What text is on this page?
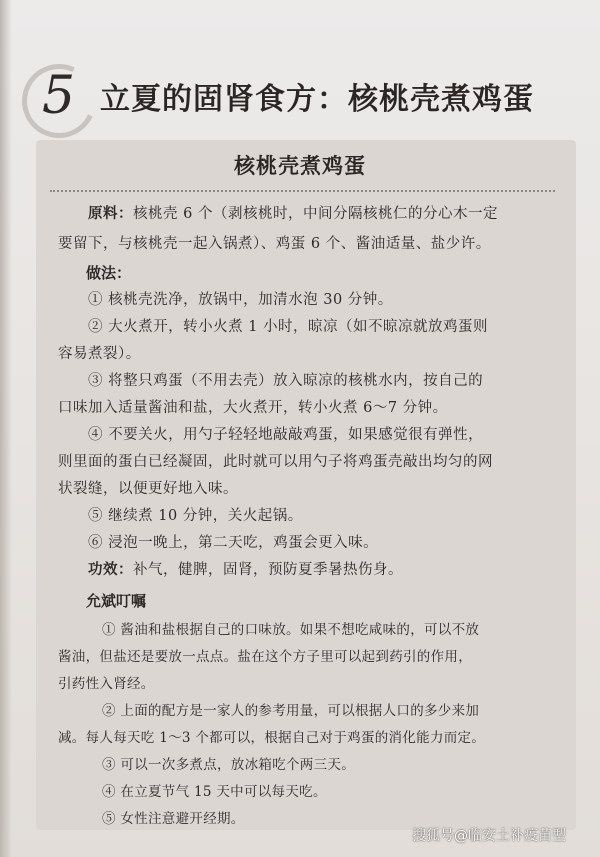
5 立夏的固肾食方：核桃壳煮鸡蛋
核桃壳煮鸡蛋
原料：核桃壳 6 个（剥核桃时，中间分隔核桃仁的分心木一定
要留下，与核桃壳一起入锅煮）、鸡蛋 6 个、酱油适量、盐少许。
做法：
① 核桃壳洗净，放锅中，加清水泡 30 分钟。
② 大火煮开，转小火煮 1 小时，晾凉（如不晾凉就放鸡蛋则
容易煮裂）。
③ 将整只鸡蛋（不用去壳）放入晾凉的核桃水内，按自己的
口味加入适量酱油和盐，大火煮开，转小火煮 6～7 分钟。
④ 不要关火，用勺子轻轻地敲敲鸡蛋，如果感觉很有弹性，
则里面的蛋白已经凝固，此时就可以用勺子将鸡蛋壳敲出均匀的网
状裂缝，以便更好地入味。
⑤ 继续煮 10 分钟，关火起锅。
⑥ 浸泡一晚上，第二天吃，鸡蛋会更入味。
功效：补气，健脾，固肾，预防夏季暑热伤身。
允斌叮嘱
① 酱油和盐根据自己的口味放。如果不想吃咸味的，可以不放
酱油，但盐还是要放一点点。盐在这个方子里可以起到药引的作用，
引药性入肾经。
② 上面的配方是一家人的参考用量，可以根据人口的多少来加
减。每人每天吃 1～3 个都可以，根据自己对于鸡蛋的消化能力而定。
③ 可以一次多煮点，放冰箱吃个两三天。
④ 在立夏节气 15 天中可以每天吃。
⑤ 女性注意避开经期。
搜狐号@临安土补疫苗型
